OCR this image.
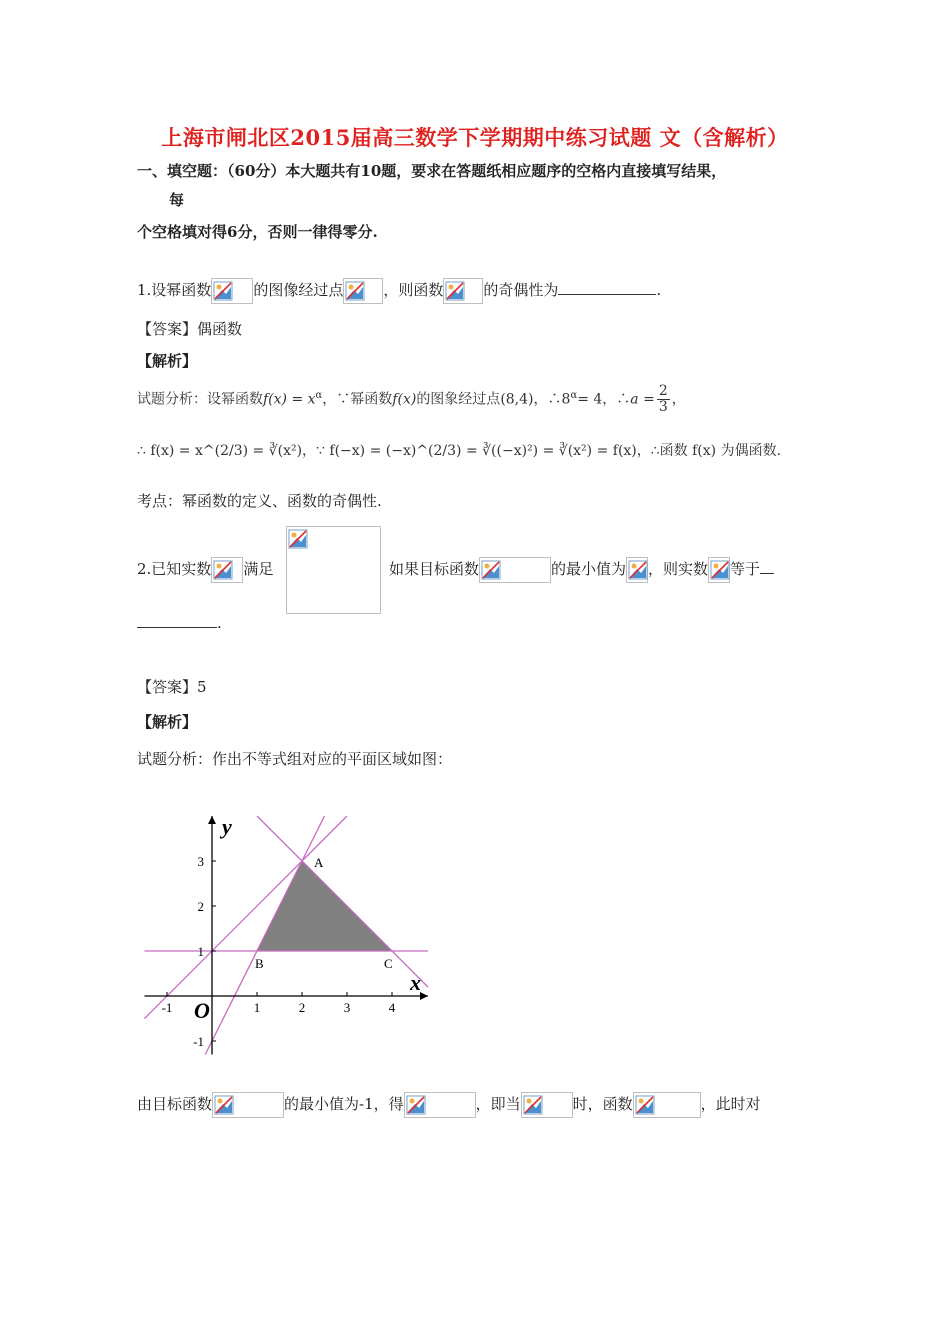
上海市闸北区2015届高三数学下学期期中练习试题 文（含解析）
一、填空题：（60分）本大题共有10题，要求在答题纸相应题序的空格内直接填写结果，
每
个空格填对得6分，否则一律得零分.
1.设幂函数	的图像经过点	，则函数	的奇偶性为	.
【答案】偶函数
【解析】
试题分析：设幂函数$f(x) = x^\alpha$，∵幂函数f(x)的图象经过点(8,4)，$\therefore 8^\alpha= 4$，∴a = $\frac{2}{3}$ ，
∴ f(x) = x^(2/3) = ∛(x²)，∵ f(−x) = (−x)^(2/3) = ∛((−x)²) = ∛(x²) = f(x)，∴函数 f(x) 为偶函数.
考点：幂函数的定义、函数的奇偶性.
2.已知实数 满足	如果目标函数	的最小值为 ，则实数 等于
.
【答案】5
【解析】
试题分析：作出不等式组对应的平面区域如图：
-1	1	2	3	4
3
2
1
-1
x
y
O
A
B	C
由目标函数	的最小值为-1，得	，即当	时，函数	，此时对
